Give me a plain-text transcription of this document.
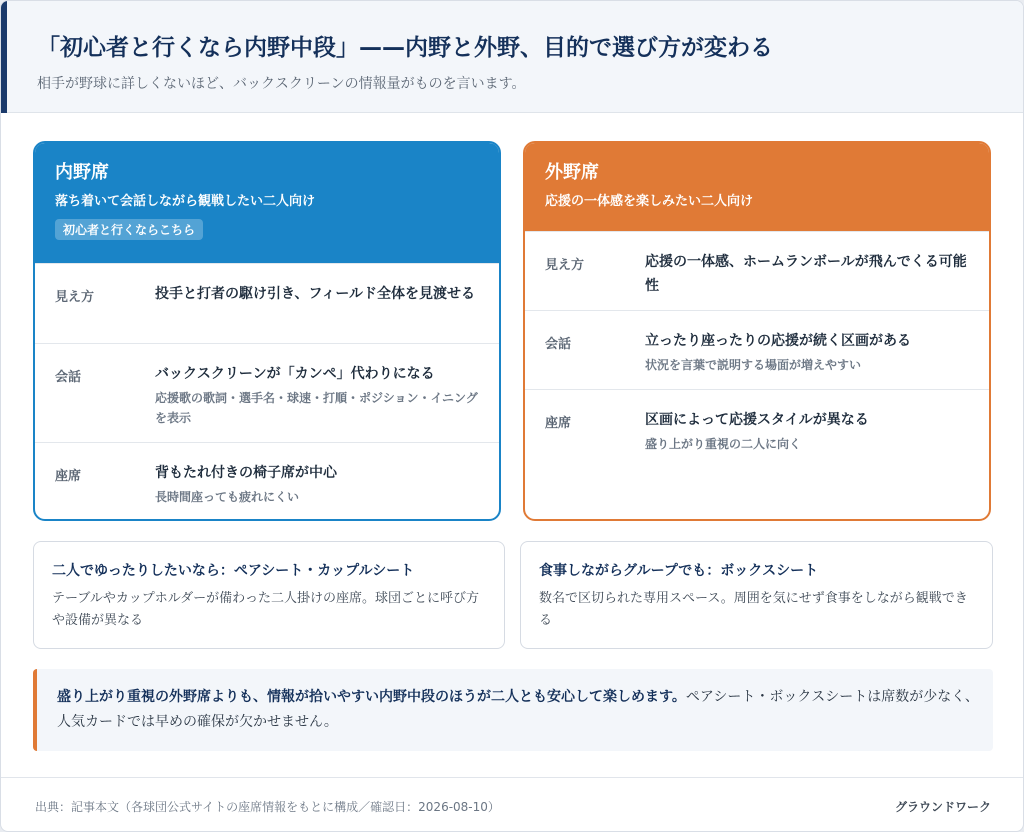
「初心者と行くなら内野中段」——内野と外野、目的で選び方が変わる
相手が野球に詳しくないほど、バックスクリーンの情報量がものを言います。
内野席
落ち着いて会話しながら観戦したい二人向け
初心者と行くならこちら
見え方	投手と打者の駆け引き、フィールド全体を見渡せる
会話	バックスクリーンが「カンペ」代わりになる
応援歌の歌詞・選手名・球速・打順・ポジション・イニングを表示
座席	背もたれ付きの椅子席が中心
長時間座っても疲れにくい
外野席
応援の一体感を楽しみたい二人向け
見え方	応援の一体感、ホームランボールが飛んでくる可能性
会話	立ったり座ったりの応援が続く区画がある
状況を言葉で説明する場面が増えやすい
座席	区画によって応援スタイルが異なる
盛り上がり重視の二人に向く
二人でゆったりしたいなら：ペアシート・カップルシート
テーブルやカップホルダーが備わった二人掛けの座席。球団ごとに呼び方や設備が異なる
食事しながらグループでも：ボックスシート
数名で区切られた専用スペース。周囲を気にせず食事をしながら観戦できる
盛り上がり重視の外野席よりも、情報が拾いやすい内野中段のほうが二人とも安心して楽しめます。ペアシート・ボックスシートは席数が少なく、人気カードでは早めの確保が欠かせません。
出典：記事本文（各球団公式サイトの座席情報をもとに構成／確認日：2026-08-10）	グラウンドワーク
